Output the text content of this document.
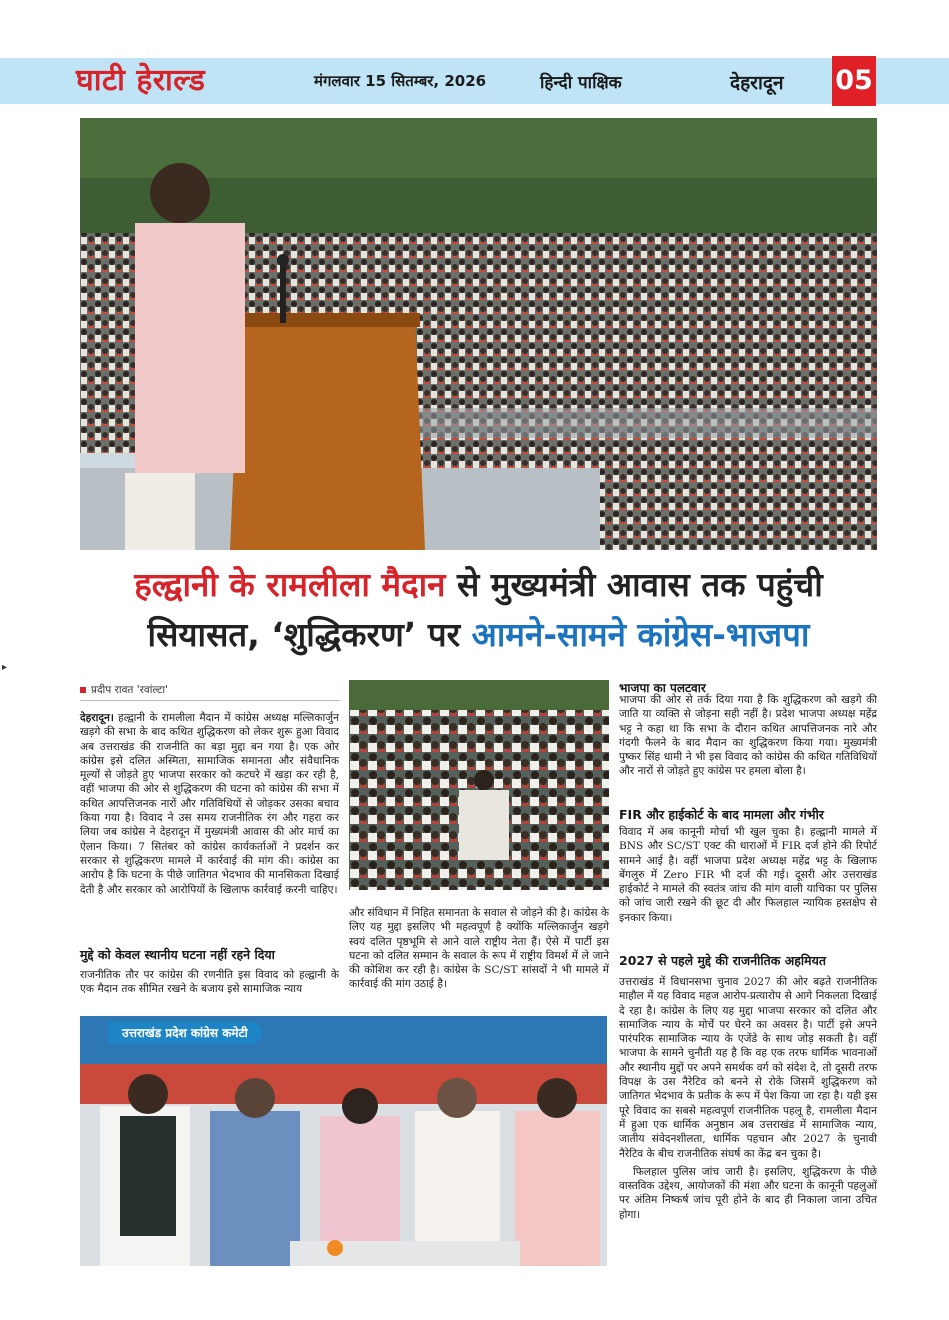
घाटी हेराल्ड	मंगलवार 15 सितम्बर, 2026	हिन्दी पाक्षिक	देहरादून 05
हल्द्वानी के रामलीला मैदान से मुख्यमंत्री आवास तक पहुंची
सियासत, ‘शुद्धिकरण’ पर आमने-सामने कांग्रेस-भाजपा
▸
प्रदीप रावत 'रवांल्टा'

देहरादून। हल्द्वानी के रामलीला मैदान में कांग्रेस अध्यक्ष मल्लिकार्जुन खड़गे की सभा के बाद कथित शुद्धिकरण को लेकर शुरू हुआ विवाद अब उत्तराखंड की राजनीति का बड़ा मुद्दा बन गया है। एक ओर कांग्रेस इसे दलित अस्मिता, सामाजिक समानता और संवैधानिक मूल्यों से जोड़ते हुए भाजपा सरकार को कटघरे में खड़ा कर रही है, वहीं भाजपा की ओर से शुद्धिकरण की घटना को कांग्रेस की सभा में कथित आपत्तिजनक नारों और गतिविधियों से जोड़कर उसका बचाव किया गया है। विवाद ने उस समय राजनीतिक रंग और गहरा कर लिया जब कांग्रेस ने देहरादून में मुख्यमंत्री आवास की ओर मार्च का ऐलान किया। 7 सितंबर को कांग्रेस कार्यकर्ताओं ने प्रदर्शन कर सरकार से शुद्धिकरण मामले में कार्रवाई की मांग की। कांग्रेस का आरोप है कि घटना के पीछे जातिगत भेदभाव की मानसिकता दिखाई देती है और सरकार को आरोपियों के खिलाफ कार्रवाई करनी चाहिए।

मुद्दे को केवल स्थानीय घटना नहीं रहने दिया

राजनीतिक तौर पर कांग्रेस की रणनीति इस विवाद को हल्द्वानी के एक मैदान तक सीमित रखने के बजाय इसे सामाजिक न्याय

और संविधान में निहित समानता के सवाल से जोड़ने की है। कांग्रेस के लिए यह मुद्दा इसलिए भी महत्वपूर्ण है क्योंकि मल्लिकार्जुन खड़गे स्वयं दलित पृष्ठभूमि से आने वाले राष्ट्रीय नेता हैं। ऐसे में पार्टी इस घटना को दलित सम्मान के सवाल के रूप में राष्ट्रीय विमर्श में ले जाने की कोशिश कर रही है। कांग्रेस के SC/ST सांसदों ने भी मामले में कार्रवाई की मांग उठाई है।

भाजपा का पलटवार

भाजपा की ओर से तर्क दिया गया है कि शुद्धिकरण को खड़गे की जाति या व्यक्ति से जोड़ना सही नहीं है। प्रदेश भाजपा अध्यक्ष महेंद्र भट्ट ने कहा था कि सभा के दौरान कथित आपत्तिजनक नारे और गंदगी फैलने के बाद मैदान का शुद्धिकरण किया गया। मुख्यमंत्री पुष्कर सिंह धामी ने भी इस विवाद को कांग्रेस की कथित गतिविधियों और नारों से जोड़ते हुए कांग्रेस पर हमला बोला है।

FIR और हाईकोर्ट के बाद मामला और गंभीर

विवाद में अब कानूनी मोर्चा भी खुल चुका है। हल्द्वानी मामले में BNS और SC/ST एक्ट की धाराओं में FIR दर्ज होने की रिपोर्ट सामने आई है। वहीं भाजपा प्रदेश अध्यक्ष महेंद्र भट्ट के खिलाफ बेंगलुरु में Zero FIR भी दर्ज की गई। दूसरी ओर उत्तराखंड हाईकोर्ट ने मामले की स्वतंत्र जांच की मांग वाली याचिका पर पुलिस को जांच जारी रखने की छूट दी और फिलहाल न्यायिक हस्तक्षेप से इनकार किया।

2027 से पहले मुद्दे की राजनीतिक अहमियत

उत्तराखंड में विधानसभा चुनाव 2027 की ओर बढ़ते राजनीतिक माहौल में यह विवाद महज आरोप-प्रत्यारोप से आगे निकलता दिखाई दे रहा है। कांग्रेस के लिए यह मुद्दा भाजपा सरकार को दलित और सामाजिक न्याय के मोर्चे पर घेरने का अवसर है। पार्टी इसे अपने पारंपरिक सामाजिक न्याय के एजेंडे के साथ जोड़ सकती है। वहीं भाजपा के सामने चुनौती यह है कि वह एक तरफ धार्मिक भावनाओं और स्थानीय मुद्दों पर अपने समर्थक वर्ग को संदेश दे, तो दूसरी तरफ विपक्ष के उस नैरेटिव को बनने से रोके जिसमें शुद्धिकरण को जातिगत भेदभाव के प्रतीक के रूप में पेश किया जा रहा है। यही इस पूरे विवाद का सबसे महत्वपूर्ण राजनीतिक पहलू है, रामलीला मैदान में हुआ एक धार्मिक अनुष्ठान अब उत्तराखंड में सामाजिक न्याय, जातीय संवेदनशीलता, धार्मिक पहचान और 2027 के चुनावी नैरेटिव के बीच राजनीतिक संघर्ष का केंद्र बन चुका है।

फिलहाल पुलिस जांच जारी है। इसलिए, शुद्धिकरण के पीछे वास्तविक उद्देश्य, आयोजकों की मंशा और घटना के कानूनी पहलुओं पर अंतिम निष्कर्ष जांच पूरी होने के बाद ही निकाला जाना उचित होगा।

उत्तराखंड प्रदेश कांग्रेस कमेटी
